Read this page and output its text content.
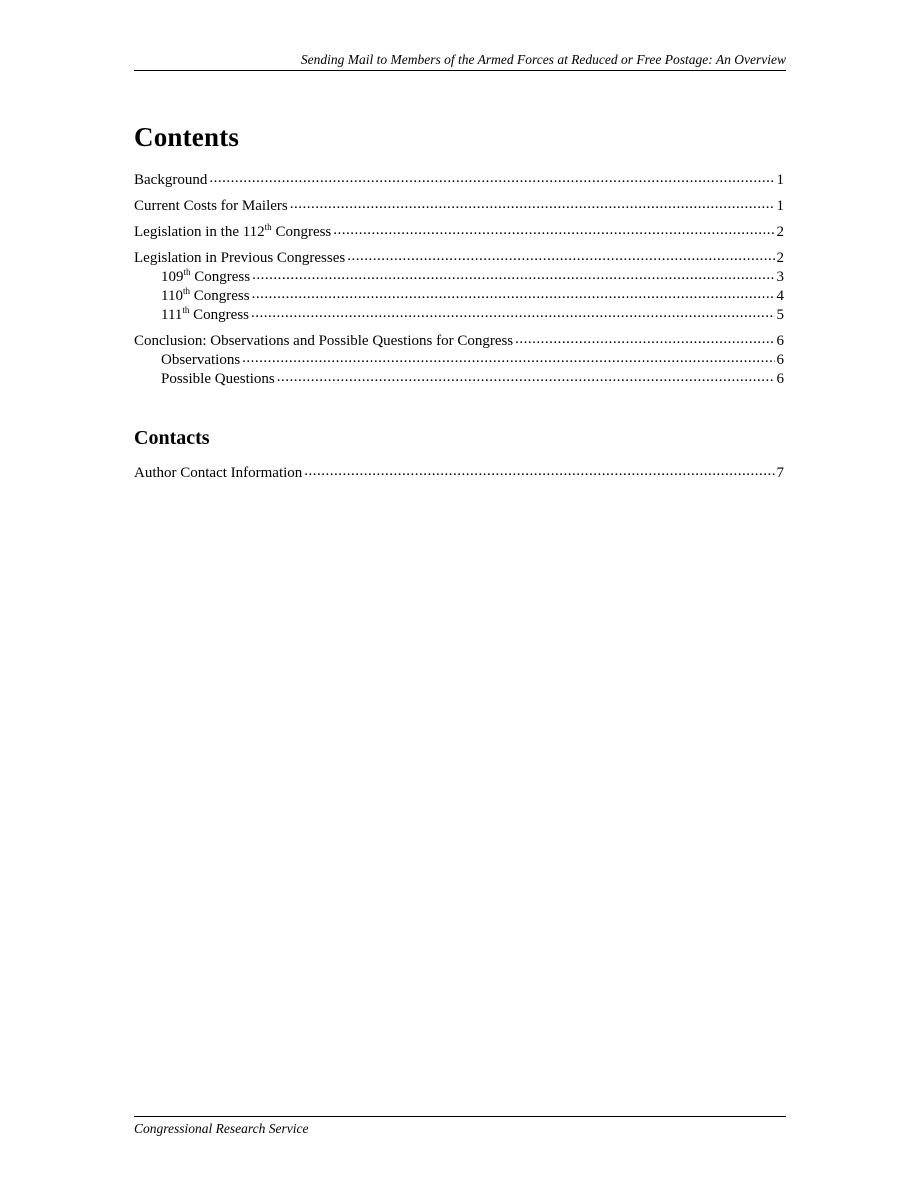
Sending Mail to Members of the Armed Forces at Reduced or Free Postage: An Overview
Contents
Background .....	1
Current Costs for Mailers .....	1
Legislation in the 112th Congress .....	2
Legislation in Previous Congresses .....	2
109th Congress .....	3
110th Congress .....	4
111th Congress .....	5
Conclusion: Observations and Possible Questions for Congress .....	6
Observations .....	6
Possible Questions .....	6
Contacts
Author Contact Information .....	7
Congressional Research Service
